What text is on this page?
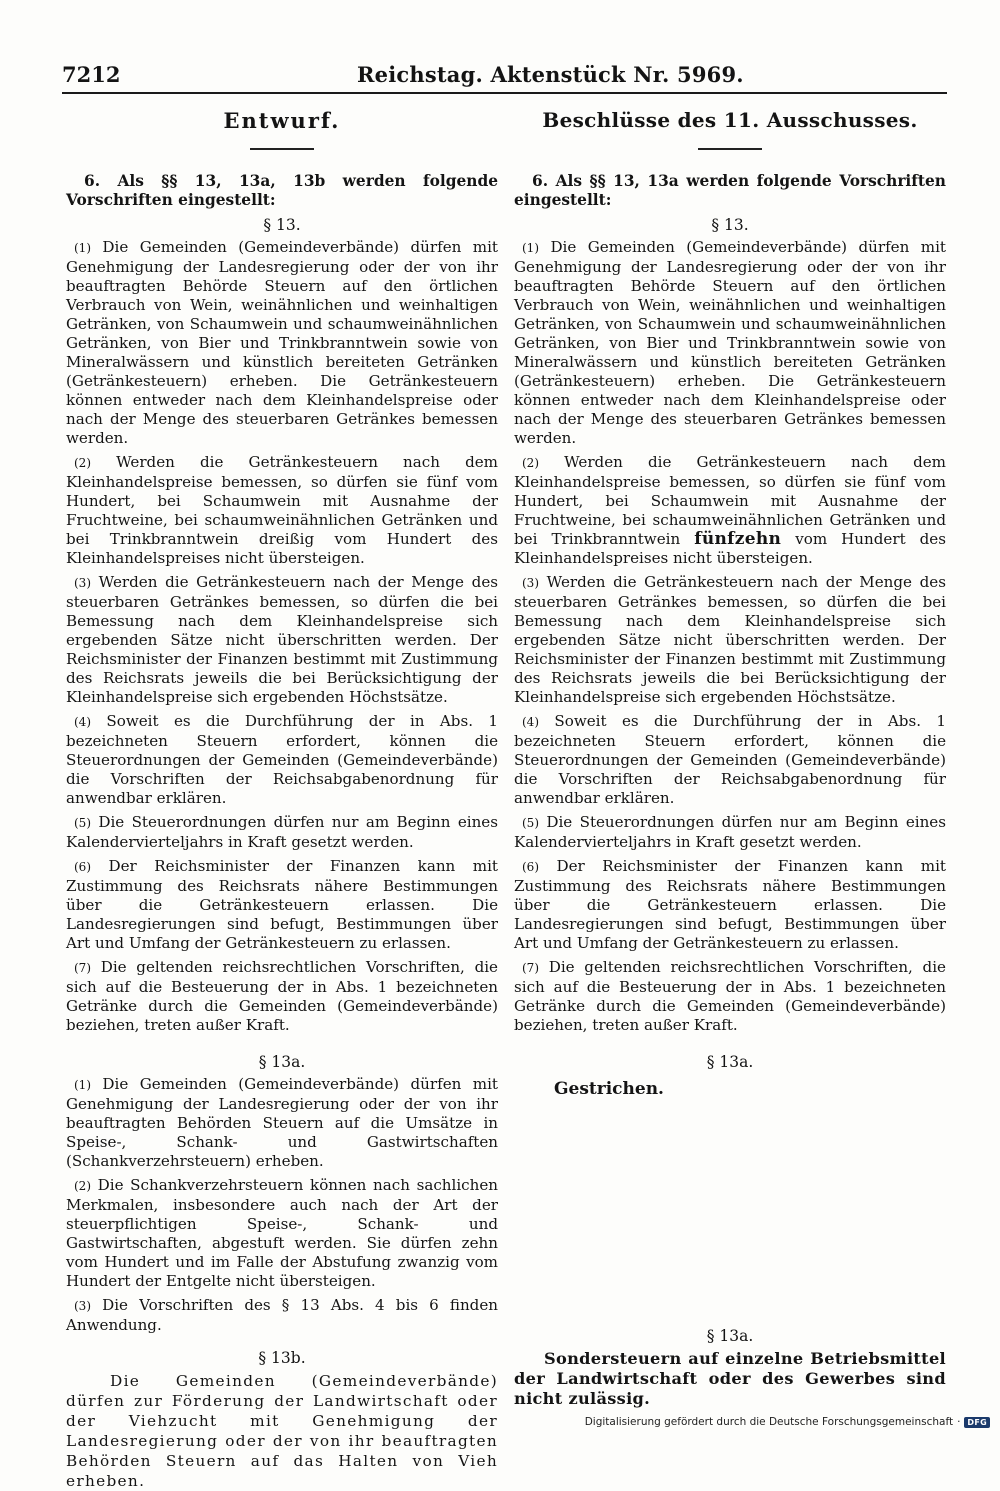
7212	Reichstag. Aktenstück Nr. 5969.
Entwurf.

6. Als §§ 13, 13a, 13b werden folgende Vorschriften eingestellt:

§ 13.

(1) Die Gemeinden (Gemeindeverbände) dürfen mit Genehmigung der Landesregierung oder der von ihr beauftragten Behörde Steuern auf den örtlichen Verbrauch von Wein, weinähnlichen und weinhaltigen Getränken, von Schaumwein und schaumweinähnlichen Getränken, von Bier und Trinkbranntwein sowie von Mineralwässern und künstlich bereiteten Getränken (Getränkesteuern) erheben. Die Getränkesteuern können entweder nach dem Kleinhandelspreise oder nach der Menge des steuerbaren Getränkes bemessen werden.

(2) Werden die Getränkesteuern nach dem Kleinhandelspreise bemessen, so dürfen sie fünf vom Hundert, bei Schaumwein mit Ausnahme der Fruchtweine, bei schaumweinähnlichen Getränken und bei Trinkbranntwein dreißig vom Hundert des Kleinhandelspreises nicht übersteigen.

(3) Werden die Getränkesteuern nach der Menge des steuerbaren Getränkes bemessen, so dürfen die bei Bemessung nach dem Kleinhandelspreise sich ergebenden Sätze nicht überschritten werden. Der Reichsminister der Finanzen bestimmt mit Zustimmung des Reichsrats jeweils die bei Berücksichtigung der Kleinhandelspreise sich ergebenden Höchstsätze.

(4) Soweit es die Durchführung der in Abs. 1 bezeichneten Steuern erfordert, können die Steuerordnungen der Gemeinden (Gemeindeverbände) die Vorschriften der Reichsabgabenordnung für anwendbar erklären.

(5) Die Steuerordnungen dürfen nur am Beginn eines Kalendervierteljahrs in Kraft gesetzt werden.

(6) Der Reichsminister der Finanzen kann mit Zustimmung des Reichsrats nähere Bestimmungen über die Getränkesteuern erlassen. Die Landesregierungen sind befugt, Bestimmungen über Art und Umfang der Getränkesteuern zu erlassen.

(7) Die geltenden reichsrechtlichen Vorschriften, die sich auf die Besteuerung der in Abs. 1 bezeichneten Getränke durch die Gemeinden (Gemeindeverbände) beziehen, treten außer Kraft.

§ 13a.

(1) Die Gemeinden (Gemeindeverbände) dürfen mit Genehmigung der Landesregierung oder der von ihr beauftragten Behörden Steuern auf die Umsätze in Speise-, Schank- und Gastwirtschaften (Schankverzehrsteuern) erheben.

(2) Die Schankverzehrsteuern können nach sachlichen Merkmalen, insbesondere auch nach der Art der steuerpflichtigen Speise-, Schank- und Gastwirtschaften, abgestuft werden. Sie dürfen zehn vom Hundert und im Falle der Abstufung zwanzig vom Hundert der Entgelte nicht übersteigen.

(3) Die Vorschriften des § 13 Abs. 4 bis 6 finden Anwendung.

§ 13b.

Die Gemeinden (Gemeindeverbände) dürfen zur Förderung der Landwirtschaft oder der Viehzucht mit Genehmigung der Landesregierung oder der von ihr beauftragten Behörden Steuern auf das Halten von Vieh erheben.

Beschlüsse des 11. Ausschusses.

6. Als §§ 13, 13a werden folgende Vorschriften eingestellt:

§ 13.

(1) Die Gemeinden (Gemeindeverbände) dürfen mit Genehmigung der Landesregierung oder der von ihr beauftragten Behörde Steuern auf den örtlichen Verbrauch von Wein, weinähnlichen und weinhaltigen Getränken, von Schaumwein und schaumweinähnlichen Getränken, von Bier und Trinkbranntwein sowie von Mineralwässern und künstlich bereiteten Getränken (Getränkesteuern) erheben. Die Getränkesteuern können entweder nach dem Kleinhandelspreise oder nach der Menge des steuerbaren Getränkes bemessen werden.

(2) Werden die Getränkesteuern nach dem Kleinhandelspreise bemessen, so dürfen sie fünf vom Hundert, bei Schaumwein mit Ausnahme der Fruchtweine, bei schaumweinähnlichen Getränken und bei Trinkbranntwein fünfzehn vom Hundert des Kleinhandelspreises nicht übersteigen.

(3) Werden die Getränkesteuern nach der Menge des steuerbaren Getränkes bemessen, so dürfen die bei Bemessung nach dem Kleinhandelspreise sich ergebenden Sätze nicht überschritten werden. Der Reichsminister der Finanzen bestimmt mit Zustimmung des Reichsrats jeweils die bei Berücksichtigung der Kleinhandelspreise sich ergebenden Höchstsätze.

(4) Soweit es die Durchführung der in Abs. 1 bezeichneten Steuern erfordert, können die Steuerordnungen der Gemeinden (Gemeindeverbände) die Vorschriften der Reichsabgabenordnung für anwendbar erklären.

(5) Die Steuerordnungen dürfen nur am Beginn eines Kalendervierteljahrs in Kraft gesetzt werden.

(6) Der Reichsminister der Finanzen kann mit Zustimmung des Reichsrats nähere Bestimmungen über die Getränkesteuern erlassen. Die Landesregierungen sind befugt, Bestimmungen über Art und Umfang der Getränkesteuern zu erlassen.

(7) Die geltenden reichsrechtlichen Vorschriften, die sich auf die Besteuerung der in Abs. 1 bezeichneten Getränke durch die Gemeinden (Gemeindeverbände) beziehen, treten außer Kraft.

§ 13a.
Gestrichen.
§ 13a.

Sondersteuern auf einzelne Betriebsmittel der Landwirtschaft oder des Gewerbes sind nicht zulässig.

Digitalisierung gefördert durch die Deutsche Forschungsgemeinschaft · DFG
